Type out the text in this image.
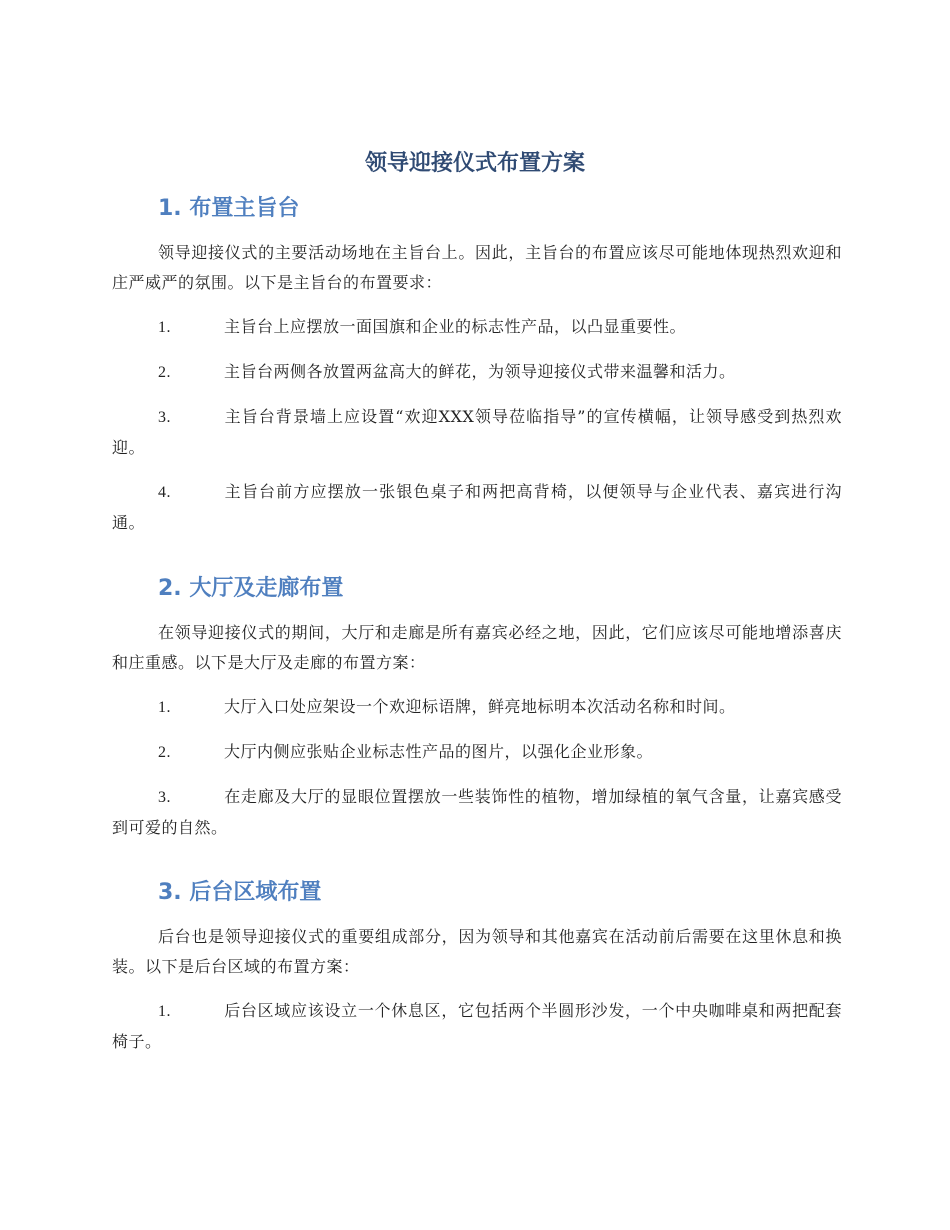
领导迎接仪式布置方案
1. 布置主旨台

领导迎接仪式的主要活动场地在主旨台上。因此，主旨台的布置应该尽可能地体现热烈欢迎和庄严威严的氛围。以下是主旨台的布置要求：

1.	主旨台上应摆放一面国旗和企业的标志性产品，以凸显重要性。

2.	主旨台两侧各放置两盆高大的鲜花，为领导迎接仪式带来温馨和活力。

3.	主旨台背景墙上应设置“欢迎XXX领导莅临指导”的宣传横幅，让领导感受到热烈欢迎。

4.	主旨台前方应摆放一张银色桌子和两把高背椅，以便领导与企业代表、嘉宾进行沟通。

2. 大厅及走廊布置

在领导迎接仪式的期间，大厅和走廊是所有嘉宾必经之地，因此，它们应该尽可能地增添喜庆和庄重感。以下是大厅及走廊的布置方案：

1.	大厅入口处应架设一个欢迎标语牌，鲜亮地标明本次活动名称和时间。

2.	大厅内侧应张贴企业标志性产品的图片，以强化企业形象。

3.	在走廊及大厅的显眼位置摆放一些装饰性的植物，增加绿植的氧气含量，让嘉宾感受到可爱的自然。

3. 后台区域布置

后台也是领导迎接仪式的重要组成部分，因为领导和其他嘉宾在活动前后需要在这里休息和换装。以下是后台区域的布置方案：

1.	后台区域应该设立一个休息区，它包括两个半圆形沙发，一个中央咖啡桌和两把配套椅子。
